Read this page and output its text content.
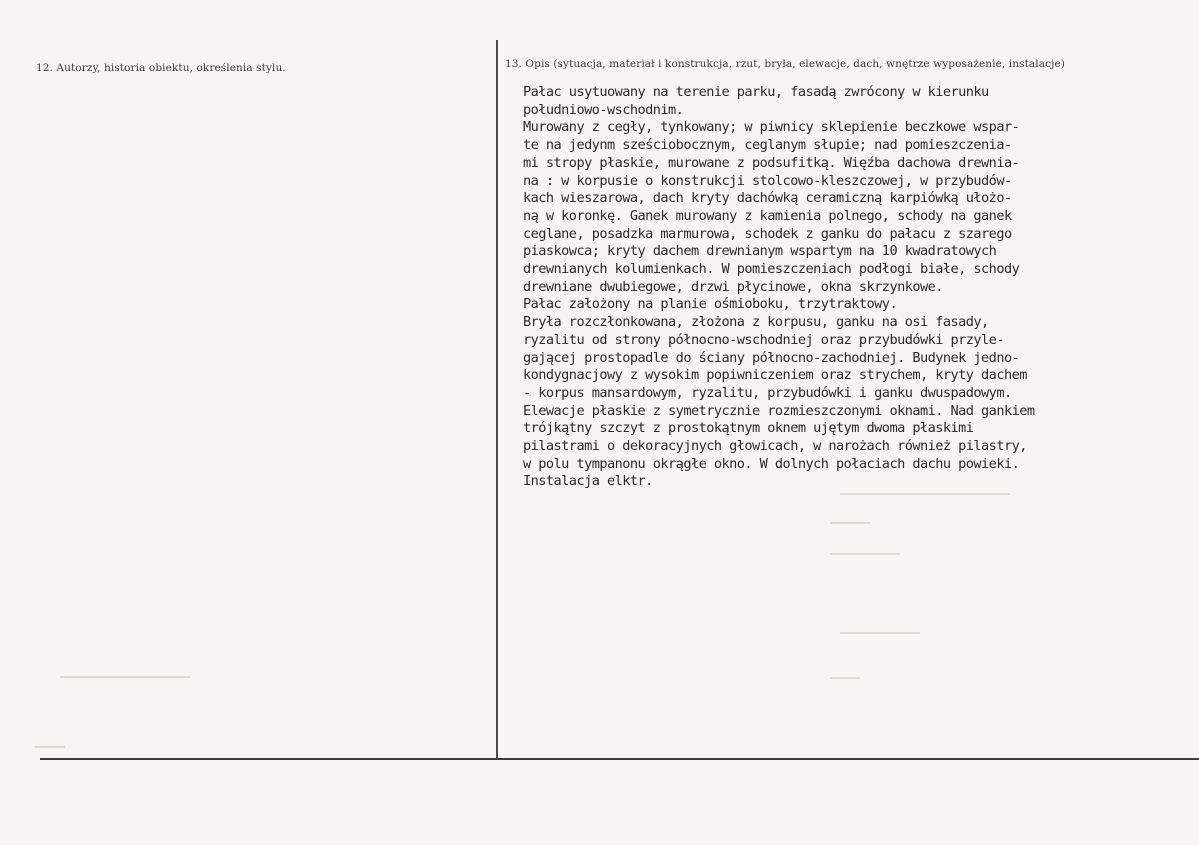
12. Autorzy, historia obiektu, określenia stylu.	13. Opis (sytuacja, materiał i konstrukcja, rzut, bryła, elewacje, dach, wnętrze wyposażenie, instalacje)
Pałac usytuowany na terenie parku, fasadą zwrócony w kierunku
południowo-wschodnim.
Murowany z cegły, tynkowany; w piwnicy sklepienie beczkowe wspar-
te na jedynm sześciobocznym, ceglanym słupie; nad pomieszczenia-
mi stropy płaskie, murowane z podsufitką. Więźba dachowa drewnia-
na : w korpusie o konstrukcji stolcowo-kleszczowej, w przybudów-
kach wieszarowa, dach kryty dachówką ceramiczną karpiówką ułożo-
ną w koronkę. Ganek murowany z kamienia polnego, schody na ganek
ceglane, posadzka marmurowa, schodek z ganku do pałacu z szarego
piaskowca; kryty dachem drewnianym wspartym na 10 kwadratowych
drewnianych kolumienkach. W pomieszczeniach podłogi białe, schody
drewniane dwubiegowe, drzwi płycinowe, okna skrzynkowe.
Pałac założony na planie ośmioboku, trzytraktowy.
Bryła rozczłonkowana, złożona z korpusu, ganku na osi fasady,
ryzalitu od strony północno-wschodniej oraz przybudówki przyle-
gającej prostopadle do ściany północno-zachodniej. Budynek jedno-
kondygnacjowy z wysokim popiwniczeniem oraz strychem, kryty dachem
- korpus mansardowym, ryzalitu, przybudówki i ganku dwuspadowym.
Elewacje płaskie z symetrycznie rozmieszczonymi oknami. Nad gankiem
trójkątny szczyt z prostokątnym oknem ujętym dwoma płaskimi
pilastrami o dekoracyjnych głowicach, w narożach również pilastry,
w polu tympanonu okrągłe okno. W dolnych połaciach dachu powieki.
Instalacja elktr.
